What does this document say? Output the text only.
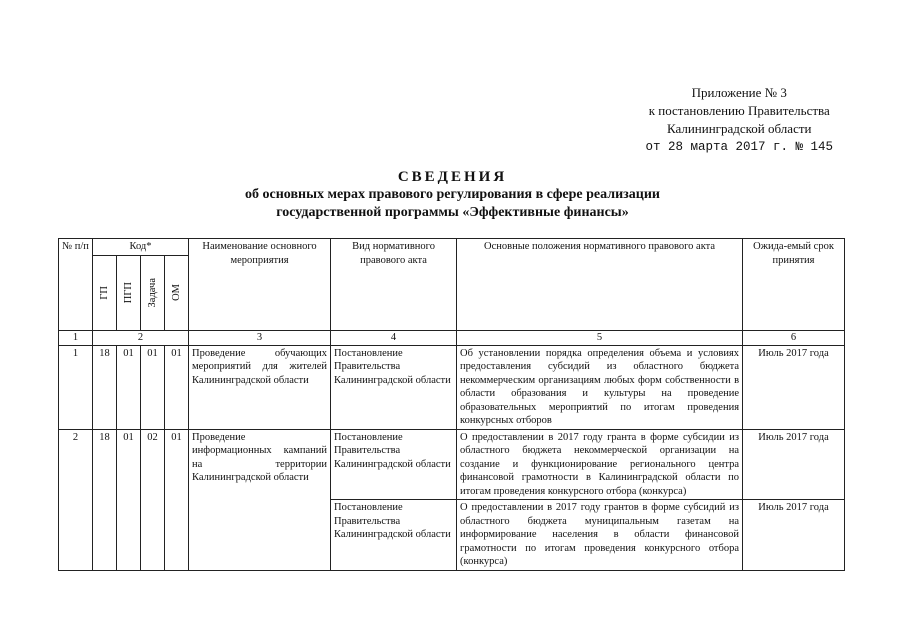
Приложение № 3
к постановлению Правительства
Калининградской области
от 28 марта 2017 г. № 145
СВЕДЕНИЯ
об основных мерах правового регулирования в сфере реализации
государственной программы «Эффективные финансы»
№ п/п	Код*				Наименование основного мероприятия	Вид нормативного правового акта	Основные положения нормативного правового акта	Ожида-емый срок принятия

	ГП	ПГП	Задача	ОМ				

1	2				3	4	5	6
1	18	01	01	01	Проведение обучающих мероприятий для жителей Калининградской области	Постановление Правительства Калининградской области	Об установлении порядка определения объема и условиях предоставления субсидий из областного бюджета некоммерческим организациям любых форм собственности в области образования и культуры на проведение образовательных мероприятий по итогам проведения конкурсных отборов	Июль 2017 года
2	18	01	02	01	Проведение информационных кампаний на территории Калининградской области	Постановление Правительства Калининградской области	О предоставлении в 2017 году гранта в форме субсидии из областного бюджета некоммерческой организации на создание и функционирование регионального центра финансовой грамотности в Калининградской области по итогам проведения конкурсного отбора (конкурса)	Июль 2017 года
						Постановление Правительства Калининградской области	О предоставлении в 2017 году грантов в форме субсидий из областного бюджета муниципальным газетам на информирование населения в области финансовой грамотности по итогам проведения конкурсного отбора (конкурса)	Июль 2017 года
